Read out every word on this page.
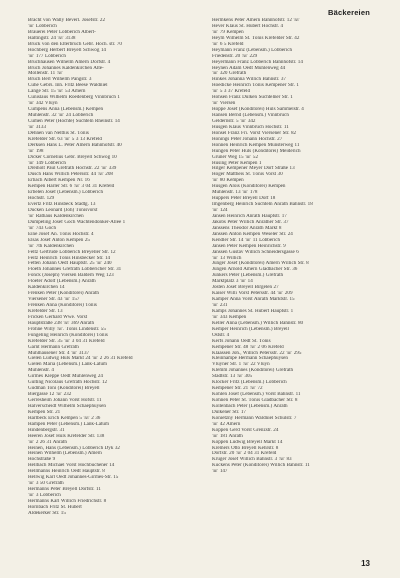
Bäckereien
Bracht von Wally Beverl. Josefstr. 22
☏ Lobberich
Brauerei Peter Lobberich Albert-
Haltingstr. 24 ☏ 3138
Bruck von den Elterbruch Gebr. Hoch. str. 70
Hochberg Herbert Breyell Schwog 14
☏ 177 Lobberich
Bruchhausen Wilhelm Amern Dorfstr. 4
Bruch Johannes Kaldenkirchen Alte-
Mollenstr. 11 ☏
Bruch Berl Wilhelm Pangstr. 3
Cuhe Gebrs. Inh. Fritz Beese Waldniel
Lange Str. 15 ☏ 53 Amern
Cunislaus Wilhelm Roedenberg Vinnbruch 1
☏ 342 Vluyn
Cumpens Anna (Lebensm.) Kempen
Mühlenstr. 32 ☏ 24 Lobberich
Cumen Peter (Höchte) Süchteln Rheinstr. 14
☏ 3133
Dehnen van Nelthis St. Tönis
Krefelder Str. 63 ☏ 5 3 13 Krefeld
Derksen Hans L. Peter Amern Bahnhofstr. 40
☏ 198
Dicker Cornelius Gebr. Breyell Schwog 10
☏ 149 Lobberich
Dreiholt Paul Grefrath Hochstr. 22 ☏ 339
Düsch Hans Willich Petersstr. 44 ☏ 208
Erbach Albert Kempen Nr. 16
Kempen Harler Str. 6 ☏ 3 04 31 Krefeld
Erbelen Josef (Lebensm.) Lobberich
Hochstr. 129
Evertz Fritz Hinsbeck Stadtg. 13
Dücken Leonard (Joh) Tönisvorst
☏ Rathaus Kaldenkirchen
Dümpeling Josef Goch Wachtendonker-Allee 1
☏ 743 Goch
Eine Josef An. Tönis Hochstr. 4
Elsas Josef Anton Kempen 25
☏ 7th Kaldenkirchen
Feltz Gertrude Lobberich Breyeller Str. 12
Feitz Heinrich Tönis Hinsbecker Str. 14
Fetten Johann Oedt Hauptstr. 25 ☏ 240
Floeth Johannes Grefrath Lobbericher Str. 31
Fonck (Joseph) Viersen Baldern Weg 123
Floeter Adolf (Lebensm.) Anrath
Kaldenkirchen 14
Frenken Peter (Konditorei) Anrath
Viersener Str. 43 ☏ 157
Frenken Anna (Konditorei) Tönis
Krefelder Str. 13
Fricken Gerhard Wwe. Vorst
Hauptstraße 238 ☏ 369 Anrath
Frohne Willy ☏. Tönis Lindenstr. 55
Füngeling Heinrich (Konditorei) Tönis
Krefelder Str. 35 ☏ 3 04 31 Krefeld
Garnt Hermann Grefrath
Mühlhausener Str. 4 ☏ 3137
Gielen Ludwig Hüls Markt 24 ☏ 2 26 31 Krefeld
Gielen Maria (Lebensm.) Lank-Latum
Mühlenstr. 4
Girmes Kleppe Oedt Mühlenweg 24
Gülting Nicolaus Grefrath Hochstr. 12
Gudman Toni (Konditorei) Breyell
Biergasse 12 ☏ 232
Gerresheim Johann Vorst Hofstr. 11
Halverscheidt Wilhelm Schaephuysen
Kempen Str. 21
Harlbeck Erich Kempen 5 ☏ 2 36
Hampen Peter (Lebensm.) Lank-Latum
Hindenbergstr. 31
Heeren Josef Hüls Krefelder Str. 138
☏ 2 26 31 Anrath
Heinen, Hans (Lebensm.) Lobberich Dyk 32
Heinen Wilhelm (Lebensm.) Amern
Hochstraße 9
Hellbach Michael Vorst Hochbuchener 14
Hellmanns Heinrich Oedt Hauptstr. 8
Hellwig Karl Oedt Johannes-Girmes-Str. 15
☏ 3 50 Grefrath
Hermanns Peter Breyell Dorfstr. 11
☏ 3 Lobberich
Hermanns Karl Willich Friedrichstr. 8
Hornbach Fritz St. Hubert
Aldekerker Str. 15
Hermkens Peter Amern Bahnhofstr. 12 ☏
Hever Klaus St. Hubert Hochstr. 4
☏ 79 Kempen
Heym Wilhelm St. Tönis Krefelder Str. 42
☏ 6 5 Krefeld
Heymann Franz (Lebensm.) Lobberich
Friedenstr. 20 ☏ 229
Heyermann Franz Lobberich Bahnhofstr. 14
Heynen Adam Oedt Mühlenweg 44
☏ 320 Grefrath
Hinkes Johanna Willich Bahnstr. 37
Hoedicke Heinrich Tönis Kempener Str. 1
☏ 5 3 37 Krefeld
Höhsen Franz Dülken Süchtelner Str. 1
☏ Viersen
Hoppe Josef (Konditorei) Hüls Sammelstr. 4
Hansen Bernd (Lebensm.) Vinnbruch
Geldernstr. 5 ☏ 342
Hüsgen Klaus Vinnbruch Hochstr. 11
Honsel Franz Fri. Vorst Viersener Str. 82
Honings Peter Johann Hochstr. 27
Honnen Heinrich Kempen Münsterweg 11
Hüngen Peter Hüls (Konditorei) Meiderich
Grüner Weg 15 ☏ 52
Hüsing Peter Kempen 1
Hilger Kempener Meyer Dorf Straße 13
Höger Mattheis St. Tönis Vorst 30
☏ 80 Kempen
Hüsgen Alois (Konditorei) Kempen
Mühlenstr. 13 ☏ 178
Hüppers Peter Breyell Dorf 18
Imgenberg Heinrich Süchteln Anrath Bahnstr. 18
☏ 124
Jansen Heinrich Anrath Hauptstr. 17
Jakobs Peter Willich Anrather Str. 37
Janssens Theodor Anrath Markt 8
Janssen Anton Kempen Weseler Str. 24
Kendler Str. 14 ☏ 11 Lobberich
Jansen Peter Kempen Heinrichstr. 9
Janssen Gustav Willich Schneidersgasse 6
☏ 13 Willich
Jünger Josef (Konditorei) Amern Willich Str. 8
Jungen Arnold Amern Gladbacher Str. 36
Junkers Peter (Lebensm.) Grefrath
Marktplatz 3 ☏ 14
Josten Josef Breyell Birgelen 27
Kaiser Willi Vorst Petersstr. 44 ☏ 209
Kamper Anna Vorst Anrath Marktstr. 15
☏ 231
Kamps Johannes St. Hubert Hauptstr. 1
☏ 343 Kempen
Keller Anna (Lebensm.) Willich Bahnstr. 80
Kemper Heinrich (Lebensm.) Breyell
Oststr. 4
Kerfs Johann Oedt St. Tönis
Kempener Str. 48 ☏ 2 06 Krefeld
Klaassen Joh., Willich Petersstr. 22 ☏ 295
Kleinhampe Hermann Schaephuysen
Vluyner Str. 1 ☏ 22 Vluyn
Klemm Johannes (Konditorei) Grefrath
Stadtstr. 13 ☏ 305
Klöcker Fritz (Lebensm.) Lobberich
Kempener Str. 21 ☏ 72
Kohlen Josef (Lebensm.) Vorst Bahnstr. 11
Kohnen Peter St. Tönis Gladbacher Str. 8
Kollenbach Peter (Lebensm.) Anrath
Dülkener Str. 17
Konietzny Hermann Waldniel Schulstr. 7
☏ 42 Amern
Köppen Gerd Vorst Grenzstr. 24
☏ 181 Anrath
Köppen Ludwig Breyell Markt 14
Kremers Otto Breyell Kehrstr. 8
Dorfstr. 20 ☏ 2 04 31 Krefeld
Krüger Josef Willich Bahnstr. 3 ☏ 83
Kückens Peter (Konditorei) Willich Bahnstr. 11
☏ 147
13
